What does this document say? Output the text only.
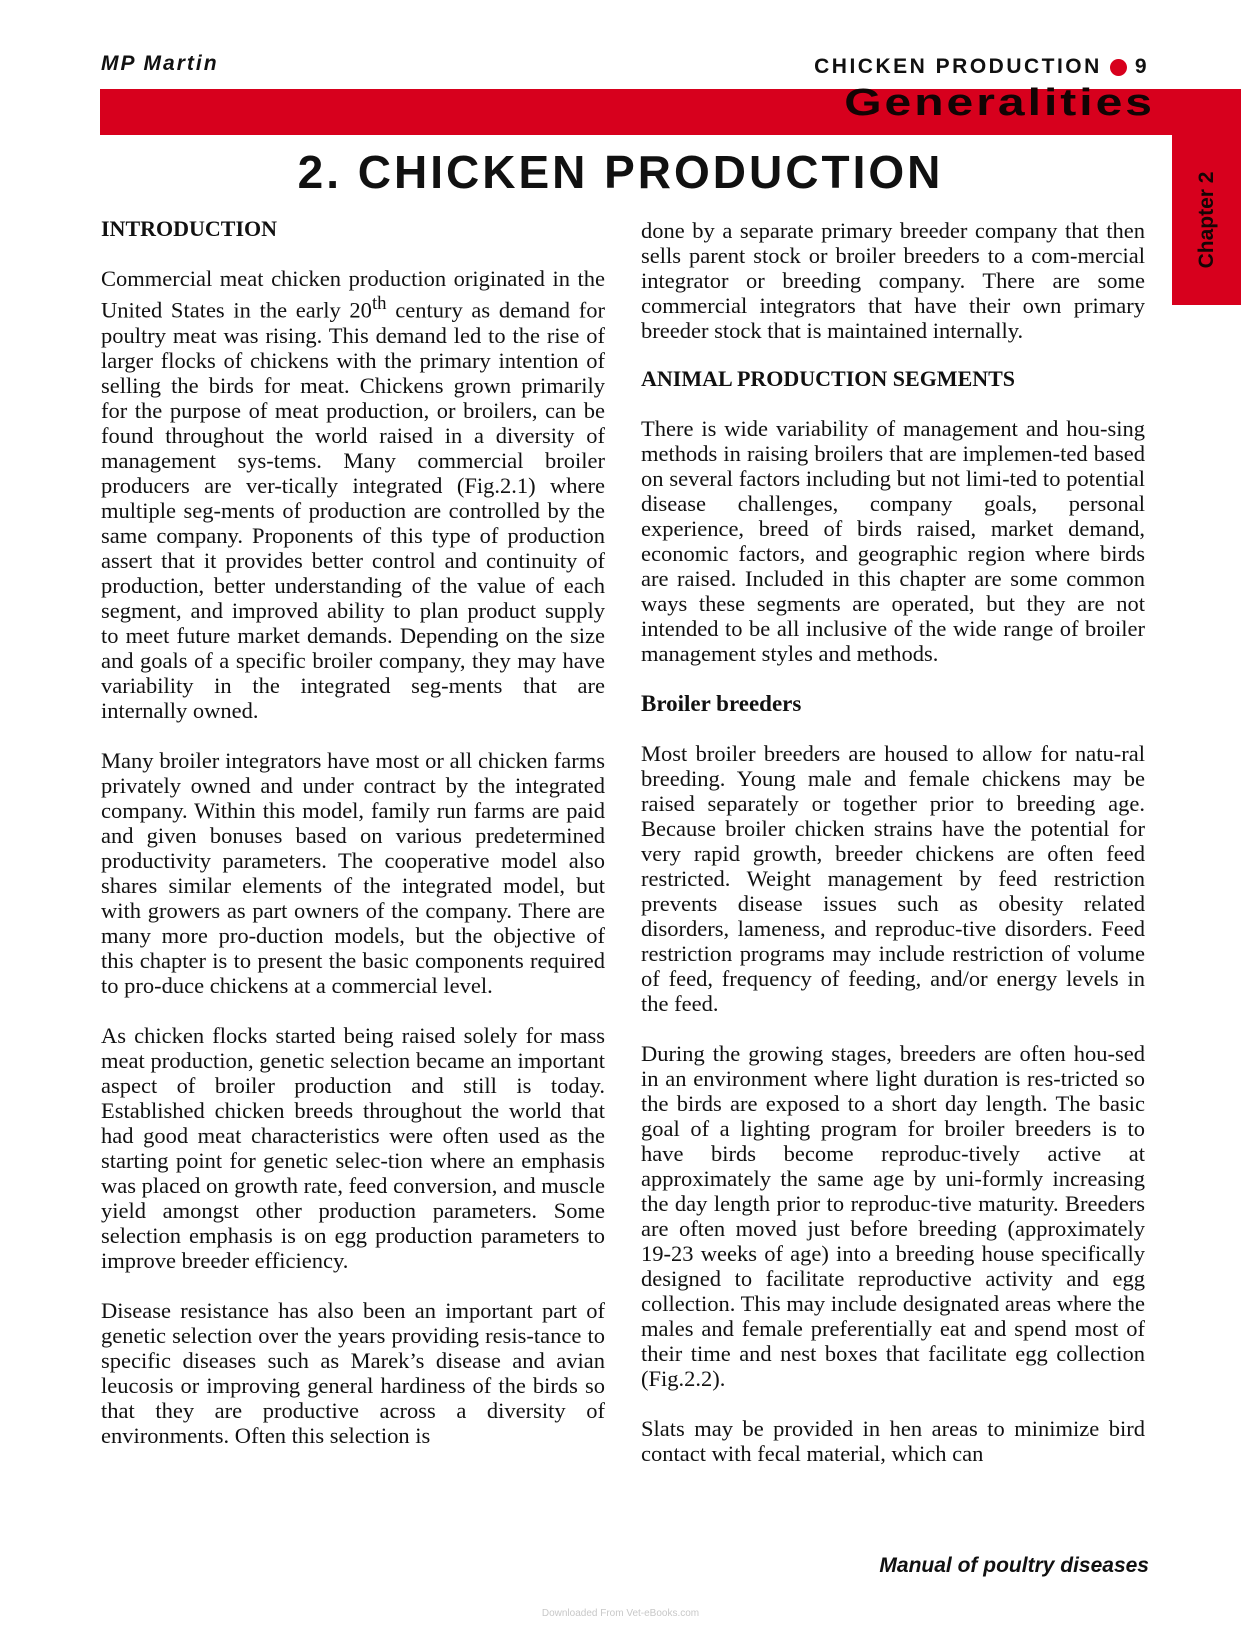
MP Martin	CHICKEN PRODUCTION 9
Generalities
Chapter 2
2. CHICKEN PRODUCTION
INTRODUCTION

Commercial meat chicken production originated in the United States in the early 20th century as demand for poultry meat was rising. This demand led to the rise of larger flocks of chickens with the primary intention of selling the birds for meat. Chickens grown primarily for the purpose of meat production, or broilers, can be found throughout the world raised in a diversity of management sys-tems. Many commercial broiler producers are ver-tically integrated (Fig.2.1) where multiple seg-ments of production are controlled by the same company. Proponents of this type of production assert that it provides better control and continuity of production, better understanding of the value of each segment, and improved ability to plan product supply to meet future market demands. Depending on the size and goals of a specific broiler company, they may have variability in the integrated seg-ments that are internally owned.

Many broiler integrators have most or all chicken farms privately owned and under contract by the integrated company. Within this model, family run farms are paid and given bonuses based on various predetermined productivity parameters. The cooperative model also shares similar elements of the integrated model, but with growers as part owners of the company. There are many more pro-duction models, but the objective of this chapter is to present the basic components required to pro-duce chickens at a commercial level.

As chicken flocks started being raised solely for mass meat production, genetic selection became an important aspect of broiler production and still is today. Established chicken breeds throughout the world that had good meat characteristics were often used as the starting point for genetic selec-tion where an emphasis was placed on growth rate, feed conversion, and muscle yield amongst other production parameters. Some selection emphasis is on egg production parameters to improve breeder efficiency.

Disease resistance has also been an important part of genetic selection over the years providing resis-tance to specific diseases such as Marek’s disease and avian leucosis or improving general hardiness of the birds so that they are productive across a diversity of environments. Often this selection is

done by a separate primary breeder company that then sells parent stock or broiler breeders to a com-mercial integrator or breeding company. There are some commercial integrators that have their own primary breeder stock that is maintained internally.

ANIMAL PRODUCTION SEGMENTS

There is wide variability of management and hou-sing methods in raising broilers that are implemen-ted based on several factors including but not limi-ted to potential disease challenges, company goals, personal experience, breed of birds raised, market demand, economic factors, and geographic region where birds are raised. Included in this chapter are some common ways these segments are operated, but they are not intended to be all inclusive of the wide range of broiler management styles and methods.

Broiler breeders

Most broiler breeders are housed to allow for natu-ral breeding. Young male and female chickens may be raised separately or together prior to breeding age. Because broiler chicken strains have the potential for very rapid growth, breeder chickens are often feed restricted. Weight management by feed restriction prevents disease issues such as obesity related disorders, lameness, and reproduc-tive disorders. Feed restriction programs may include restriction of volume of feed, frequency of feeding, and/or energy levels in the feed.

During the growing stages, breeders are often hou-sed in an environment where light duration is res-tricted so the birds are exposed to a short day length. The basic goal of a lighting program for broiler breeders is to have birds become reproduc-tively active at approximately the same age by uni-formly increasing the day length prior to reproduc-tive maturity. Breeders are often moved just before breeding (approximately 19-23 weeks of age) into a breeding house specifically designed to facilitate reproductive activity and egg collection. This may include designated areas where the males and female preferentially eat and spend most of their time and nest boxes that facilitate egg collection (Fig.2.2).

Slats may be provided in hen areas to minimize bird contact with fecal material, which can

Manual of poultry diseases
Downloaded From Vet-eBooks.com
